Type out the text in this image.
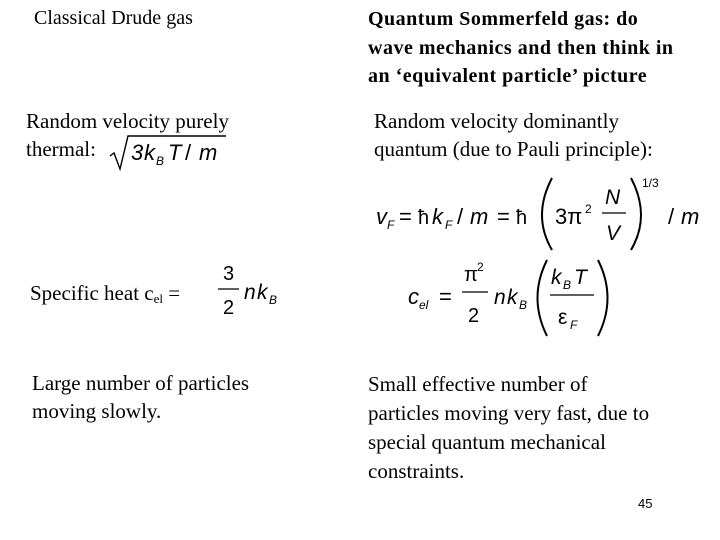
Classical Drude gas
Random velocity purely
thermal: 3 k B T / m
Specific heat cel =
3
2
n k B
Large number of particles
moving slowly.
Quantum Sommerfeld gas: do
wave mechanics and then think in
an ‘equivalent particle’ picture
Random velocity dominantly
quantum (due to Pauli principle):
v F = ħ k F / m = ħ 3π 2 N
V
1/3
/ m
c el =
π 2
2
n k B
k B T
ε F
Small effective number of
particles moving very fast, due to
special quantum mechanical
constraints.
45
